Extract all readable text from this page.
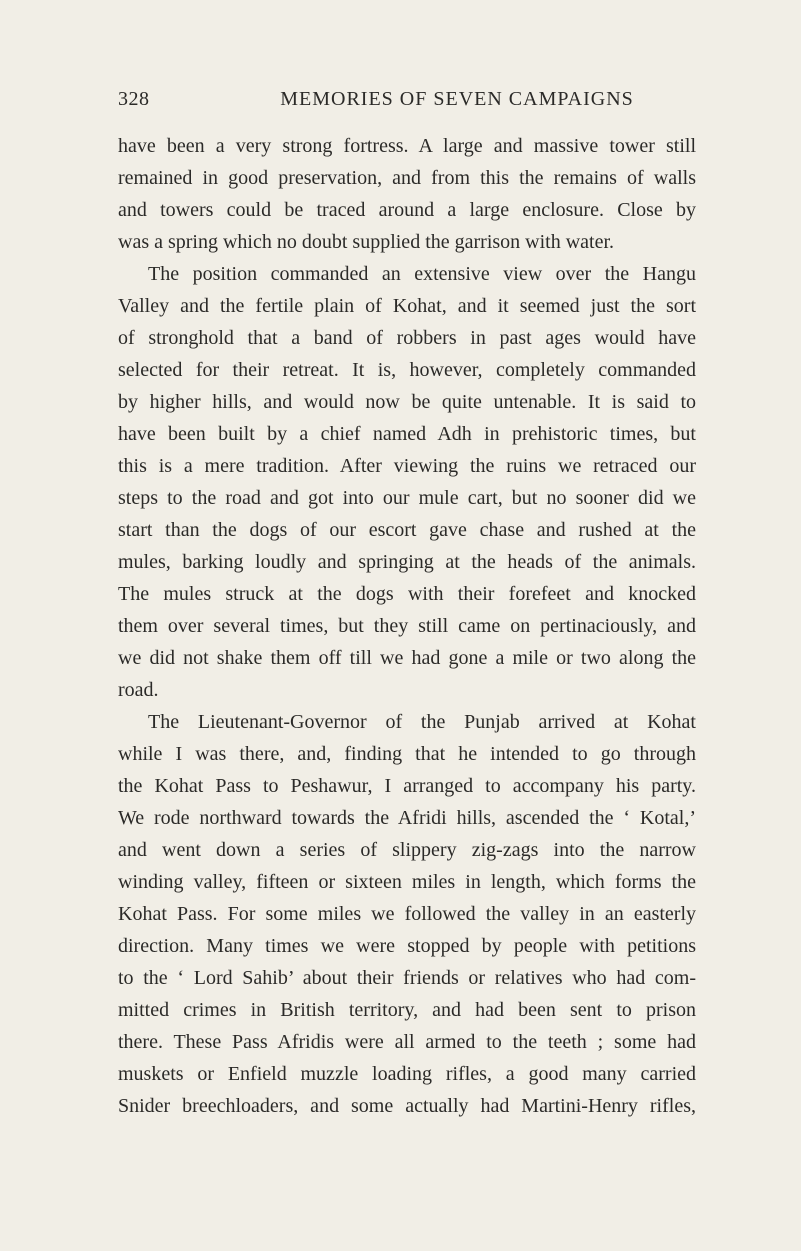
328	MEMORIES OF SEVEN CAMPAIGNS
have been a very strong fortress. A large and massive tower still
remained in good preservation, and from this the remains of walls
and towers could be traced around a large enclosure. Close by
was a spring which no doubt supplied the garrison with water.
The position commanded an extensive view over the Hangu
Valley and the fertile plain of Kohat, and it seemed just the sort
of stronghold that a band of robbers in past ages would have
selected for their retreat. It is, however, completely commanded
by higher hills, and would now be quite untenable. It is said to
have been built by a chief named Adh in prehistoric times, but
this is a mere tradition. After viewing the ruins we retraced our
steps to the road and got into our mule cart, but no sooner did we
start than the dogs of our escort gave chase and rushed at the
mules, barking loudly and springing at the heads of the animals.
The mules struck at the dogs with their forefeet and knocked
them over several times, but they still came on pertinaciously, and
we did not shake them off till we had gone a mile or two along the
road.
The Lieutenant-Governor of the Punjab arrived at Kohat
while I was there, and, finding that he intended to go through
the Kohat Pass to Peshawur, I arranged to accompany his party.
We rode northward towards the Afridi hills, ascended the ‘ Kotal,’
and went down a series of slippery zig-zags into the narrow
winding valley, fifteen or sixteen miles in length, which forms the
Kohat Pass. For some miles we followed the valley in an easterly
direction. Many times we were stopped by people with petitions
to the ‘ Lord Sahib’ about their friends or relatives who had com-
mitted crimes in British territory, and had been sent to prison
there. These Pass Afridis were all armed to the teeth ; some had
muskets or Enfield muzzle loading rifles, a good many carried
Snider breechloaders, and some actually had Martini-Henry rifles,
